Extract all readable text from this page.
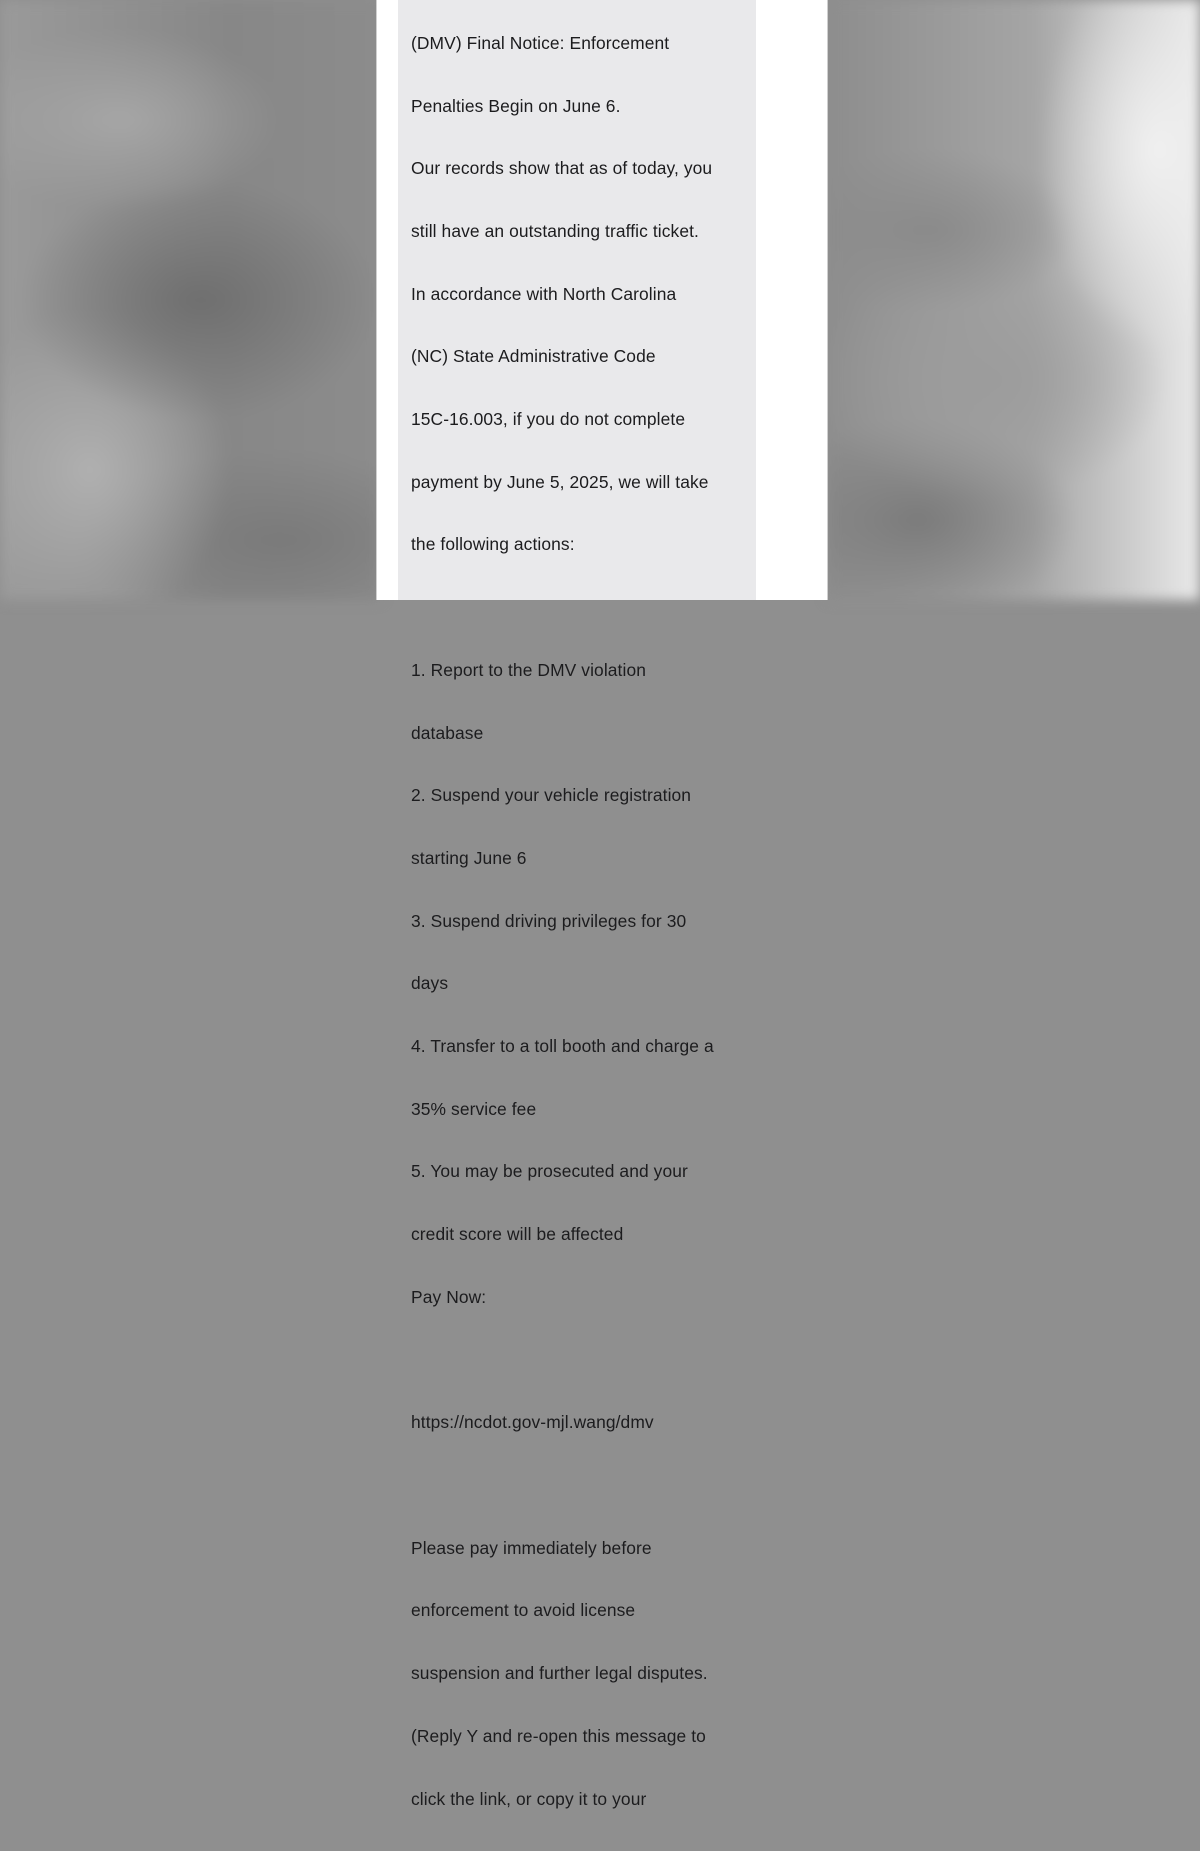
(DMV) Final Notice: Enforcement

Penalties Begin on June 6.

Our records show that as of today, you

still have an outstanding traffic ticket.

In accordance with North Carolina

(NC) State Administrative Code

15C-16.003, if you do not complete

payment by June 5, 2025, we will take

the following actions:

1. Report to the DMV violation

database

2. Suspend your vehicle registration

starting June 6

3. Suspend driving privileges for 30

days

4. Transfer to a toll booth and charge a

35% service fee

5. You may be prosecuted and your

credit score will be affected

Pay Now:

https://ncdot.gov-mjl.wang/dmv

Please pay immediately before

enforcement to avoid license

suspension and further legal disputes.

(Reply Y and re-open this message to

click the link, or copy it to your
